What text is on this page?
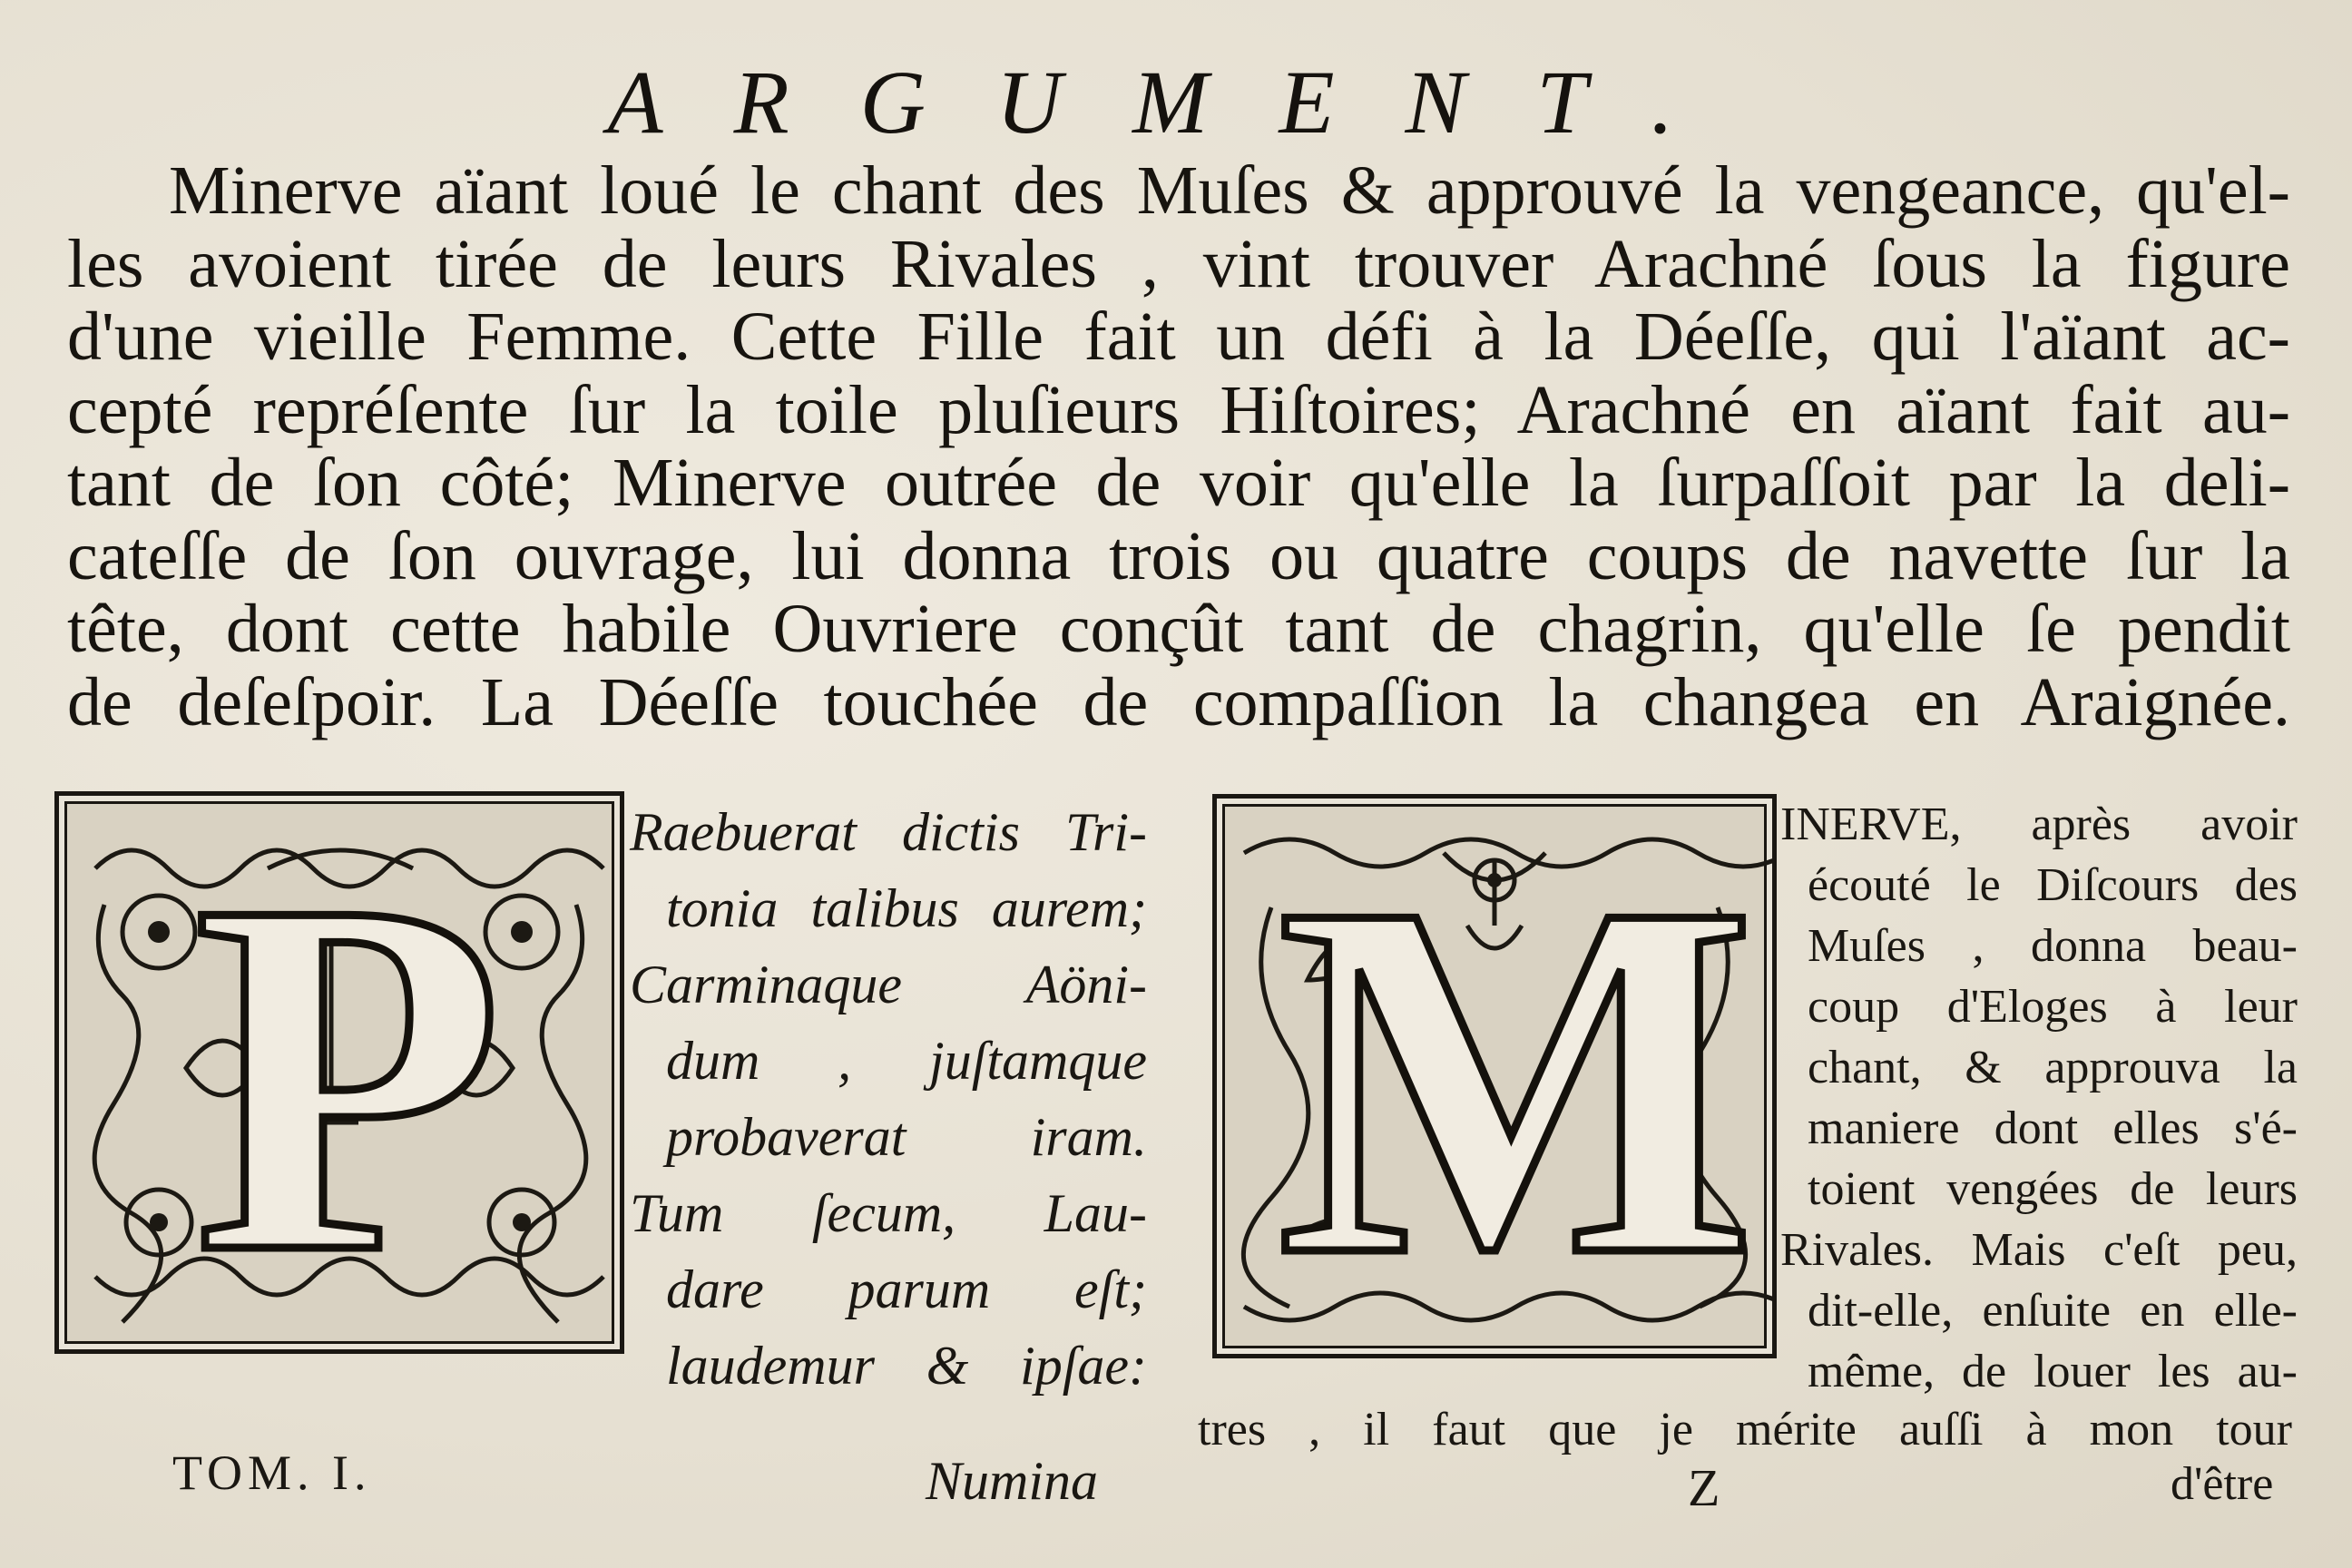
ARGUMENT.
Minerve aïant loué le chant des Muſes & approuvé la vengeance, qu'el-
les avoient tirée de leurs Rivales , vint trouver Arachné ſous la figure
d'une vieille Femme. Cette Fille fait un défi à la Déeſſe, qui l'aïant ac-
cepté repréſente ſur la toile pluſieurs Hiſtoires; Arachné en aïant fait au-
tant de ſon côté; Minerve outrée de voir qu'elle la ſurpaſſoit par la deli-
cateſſe de ſon ouvrage, lui donna trois ou quatre coups de navette ſur la
tête, dont cette habile Ouvriere conçût tant de chagrin, qu'elle ſe pendit
de deſeſpoir. La Déeſſe touchée de compaſſion la changea en Araignée.
P Raebuerat dictis Tri-
tonia talibus aurem;
Carminaque Aöni-
dum , juſtamque
probaverat iram.
Tum ſecum, Lau-
dare parum eſt;
laudemur & ipſae:
M INERVE, après avoir
écouté le Diſcours des
Muſes , donna beau-
coup d'Eloges à leur
chant, & approuva la
maniere dont elles s'é-
toient vengées de leurs
Rivales. Mais c'eſt peu,
dit-elle, enſuite en elle-
même, de louer les au-
tres , il faut que je mérite auſſi à mon tour
TOM. I.	Numina	Z	d'être
